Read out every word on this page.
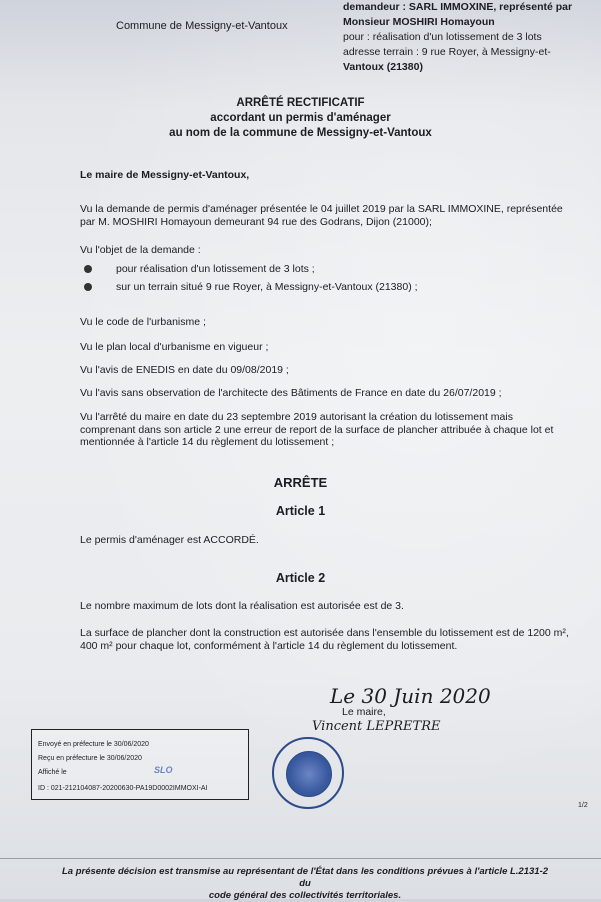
Commune de Messigny-et-Vantoux

demandeur : SARL IMMOXINE, représenté par
Monsieur MOSHIRI Homayoun
pour : réalisation d'un lotissement de 3 lots
adresse terrain : 9 rue Royer, à Messigny-et-
Vantoux (21380)
ARRÊTÉ RECTIFICATIF
accordant un permis d'aménager
au nom de la commune de Messigny-et-Vantoux

Le maire de Messigny-et-Vantoux,

Vu la demande de permis d'aménager présentée le 04 juillet 2019 par la SARL IMMOXINE, représentée
par M. MOSHIRI Homayoun demeurant 94 rue des Godrans, Dijon (21000);

Vu l'objet de la demande :

pour réalisation d'un lotissement de 3 lots ;
sur un terrain situé 9 rue Royer, à Messigny-et-Vantoux (21380) ;

Vu le code de l'urbanisme ;

Vu le plan local d'urbanisme en vigueur ;

Vu l'avis de ENEDIS en date du 09/08/2019 ;

Vu l'avis sans observation de l'architecte des Bâtiments de France en date du 26/07/2019 ;

Vu l'arrêté du maire en date du 23 septembre 2019 autorisant la création du lotissement mais
comprenant dans son article 2 une erreur de report de la surface de plancher attribuée à chaque lot et
mentionnée à l'article 14 du règlement du lotissement ;

ARRÊTE

Article 1

Le permis d'aménager est ACCORDÉ.

Article 2

Le nombre maximum de lots dont la réalisation est autorisée est de 3.

La surface de plancher dont la construction est autorisée dans l'ensemble du lotissement est de 1200 m²,
400 m² pour chaque lot, conformément à l'article 14 du règlement du lotissement.

Le 30 Juin 2020

Le maire,

Vincent LEPRETRE

Envoyé en préfecture le 30/06/2020
Reçu en préfecture le 30/06/2020
Affiché le	SLO
ID : 021-212104087-20200630-PA19D0002IMMOXI-AI

1/2

La présente décision est transmise au représentant de l'État dans les conditions prévues à l'article L.2131-2 du
code général des collectivités territoriales.
